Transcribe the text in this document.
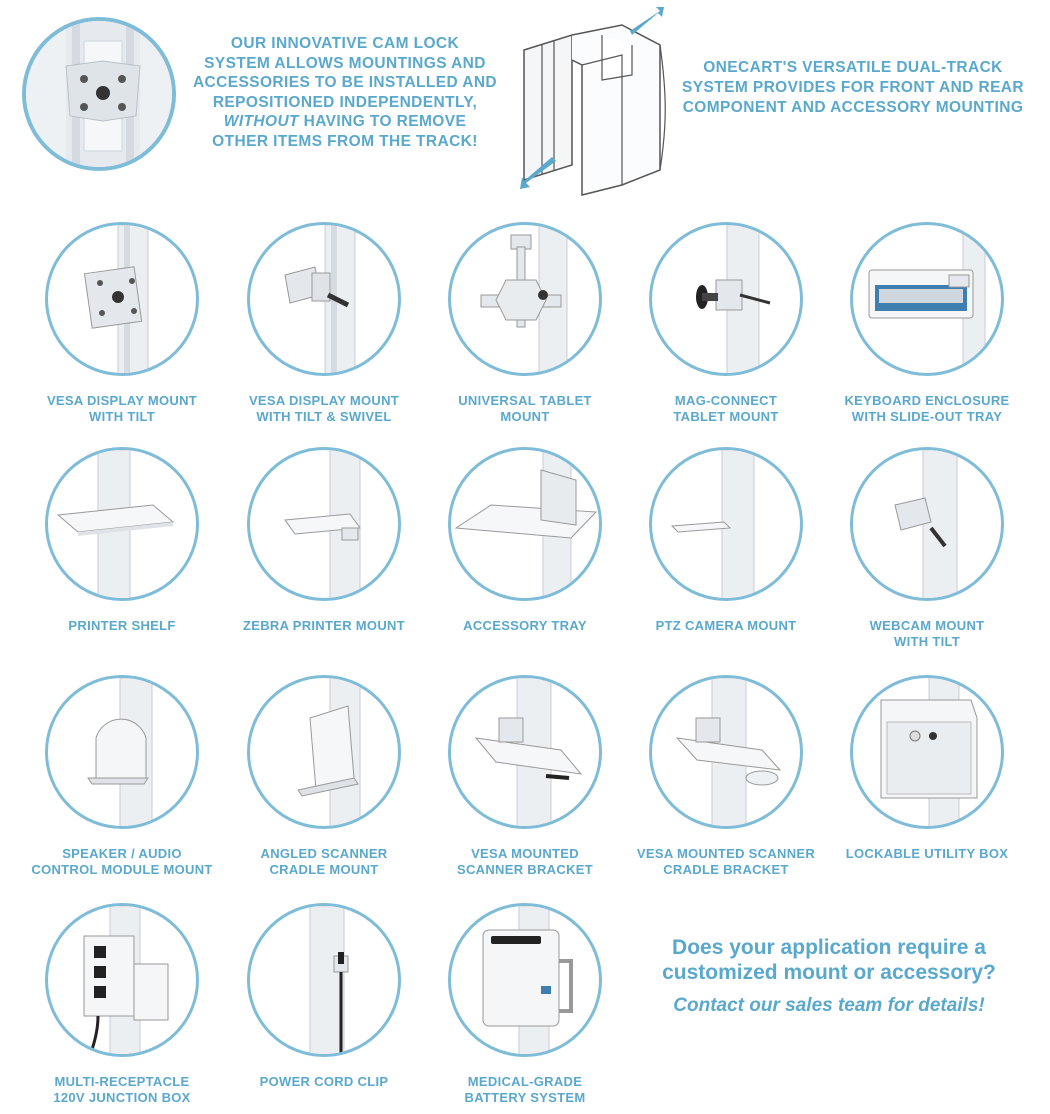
OUR INNOVATIVE CAM LOCK
SYSTEM ALLOWS MOUNTINGS AND
ACCESSORIES TO BE INSTALLED AND
REPOSITIONED INDEPENDENTLY,
WITHOUT HAVING TO REMOVE
OTHER ITEMS FROM THE TRACK!
ONECART'S VERSATILE DUAL-TRACK
SYSTEM PROVIDES FOR FRONT AND REAR
COMPONENT AND ACCESSORY MOUNTING
VESA DISPLAY MOUNT
WITH TILT
VESA DISPLAY MOUNT
WITH TILT & SWIVEL
UNIVERSAL TABLET
MOUNT
MAG-CONNECT
TABLET MOUNT
KEYBOARD ENCLOSURE
WITH SLIDE-OUT TRAY
PRINTER SHELF	ZEBRA PRINTER MOUNT	ACCESSORY TRAY	PTZ CAMERA MOUNT	WEBCAM MOUNT
WITH TILT
SPEAKER / AUDIO
CONTROL MODULE MOUNT
ANGLED SCANNER
CRADLE MOUNT
VESA MOUNTED
SCANNER BRACKET
VESA MOUNTED SCANNER
CRADLE BRACKET
LOCKABLE UTILITY BOX
MULTI-RECEPTACLE
120V JUNCTION BOX
POWER CORD CLIP	MEDICAL-GRADE
BATTERY SYSTEM
Does your application require a
customized mount or accessory?
Contact our sales team for details!
